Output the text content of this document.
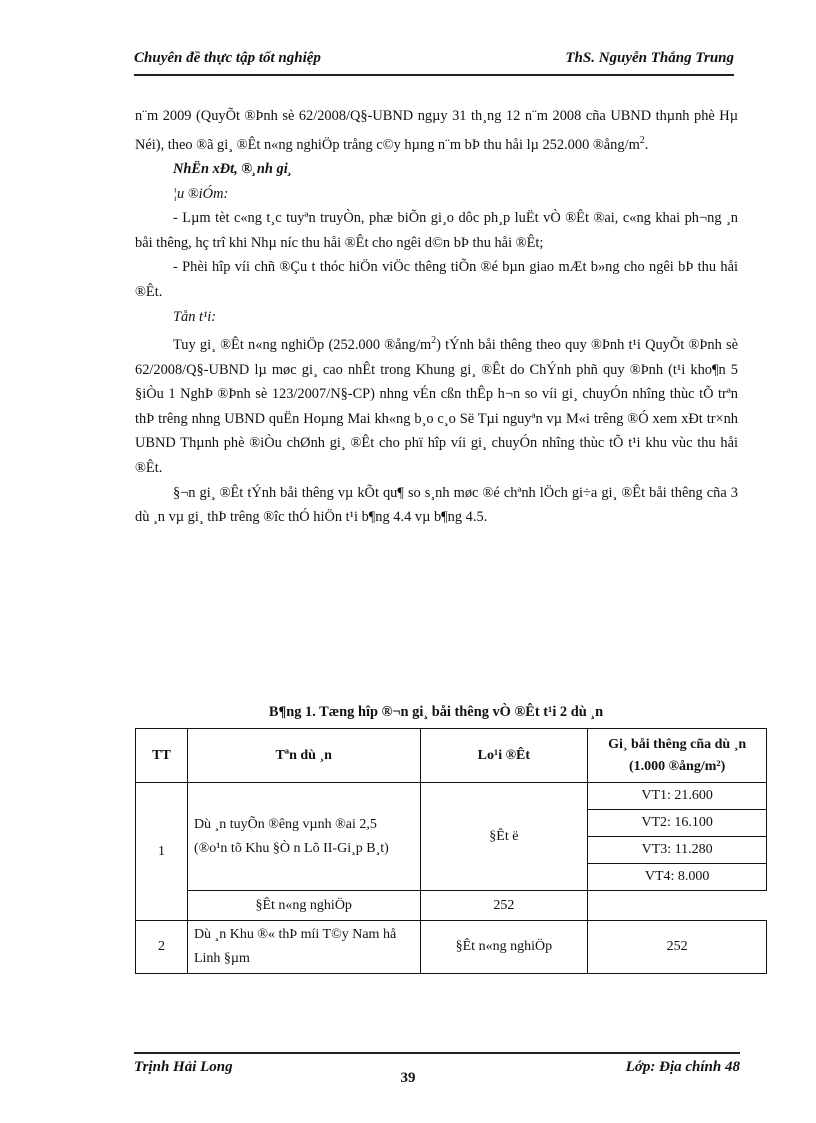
Chuyên đề thực tập tốt nghiệp	ThS. Nguyễn Thắng Trung

n¨m 2009 (QuyÕt ®Þnh sè 62/2008/Q§-UBND ngµy 31 th¸ng 12 n¨m 2008 cña UBND thµnh phè Hµ Néi), theo ®ã gi¸ ®Êt n«ng nghiÖp trång c©y hµng n¨m bÞ thu håi lµ 252.000 $®ång/m^2$.

NhËn xÐt, ®¸nh gi¸

¦u ®iÓm:

- Lµm tèt c«ng t¸c tuyªn truyÒn, phæ biÕn gi¸o dôc ph¸p luËt vÒ ®Êt ®ai, c«ng khai ph¬ng ¸n båi thêng, hç trî khi Nhµ níc thu håi ®Êt cho ngêi d©n bÞ thu håi ®Êt;

- Phèi hîp víi chñ ®Çu t thóc hiÖn viÖc thêng tiÕn ®é bµn giao mÆt b»ng cho ngêi bÞ thu håi ®Êt.

Tån t¹i:

Tuy gi¸ ®Êt n«ng nghiÖp (252.000 $®ång/m^2$) tÝnh båi thêng theo quy ®Þnh t¹i QuyÕt ®Þnh sè 62/2008/Q§-UBND lµ møc gi¸ cao nhÊt trong Khung gi¸ ®Êt do ChÝnh phñ quy ®Þnh (t¹i kho¶n 5 §iÒu 1 NghÞ ®Þnh sè 123/2007/N§-CP) nhng vÉn cßn thÊp h¬n so víi gi¸ chuyÓn nhîng thùc tÕ trªn thÞ trêng nhng UBND quËn Hoµng Mai kh«ng b¸o c¸o Së Tµi nguyªn vµ M«i trêng ®Ó xem xÐt tr×nh UBND Thµnh phè ®iÒu chØnh gi¸ ®Êt cho phï hîp víi gi¸ chuyÓn nhîng thùc tÕ t¹i khu vùc thu håi ®Êt.

§¬n gi¸ ®Êt tÝnh båi thêng vµ kÕt qu¶ so s¸nh møc ®é chªnh lÖch gi÷a gi¸ ®Êt båi thêng cña 3 dù ¸n vµ gi¸ thÞ trêng ®îc thÓ hiÖn t¹i b¶ng 4.4 vµ b¶ng 4.5.

B¶ng 1. Tæng hîp ®¬n gi¸ båi thêng vÒ ®Êt t¹i 2 dù ¸n
TT	Tªn dù ¸n	Lo¹i ®Êt	Gi¸ båi thêng cña dù ¸n (1.000 ®ång/m²)
1	Dù ¸n tuyÕn ®êng vµnh ®ai 2,5 (®o¹n tõ Khu §Ò n Lõ II-Gi¸p B¸t)	§Êt ë	VT1: 21.600
			VT2: 16.100
			VT3: 11.280
			VT4: 8.000
	§Êt n«ng nghiÖp	252	
2	Dù ¸n Khu ®« thÞ míi T©y Nam hå Linh §µm	§Êt n«ng nghiÖp	252
Trịnh Hải Long	Lớp: Địa chính 48
39
